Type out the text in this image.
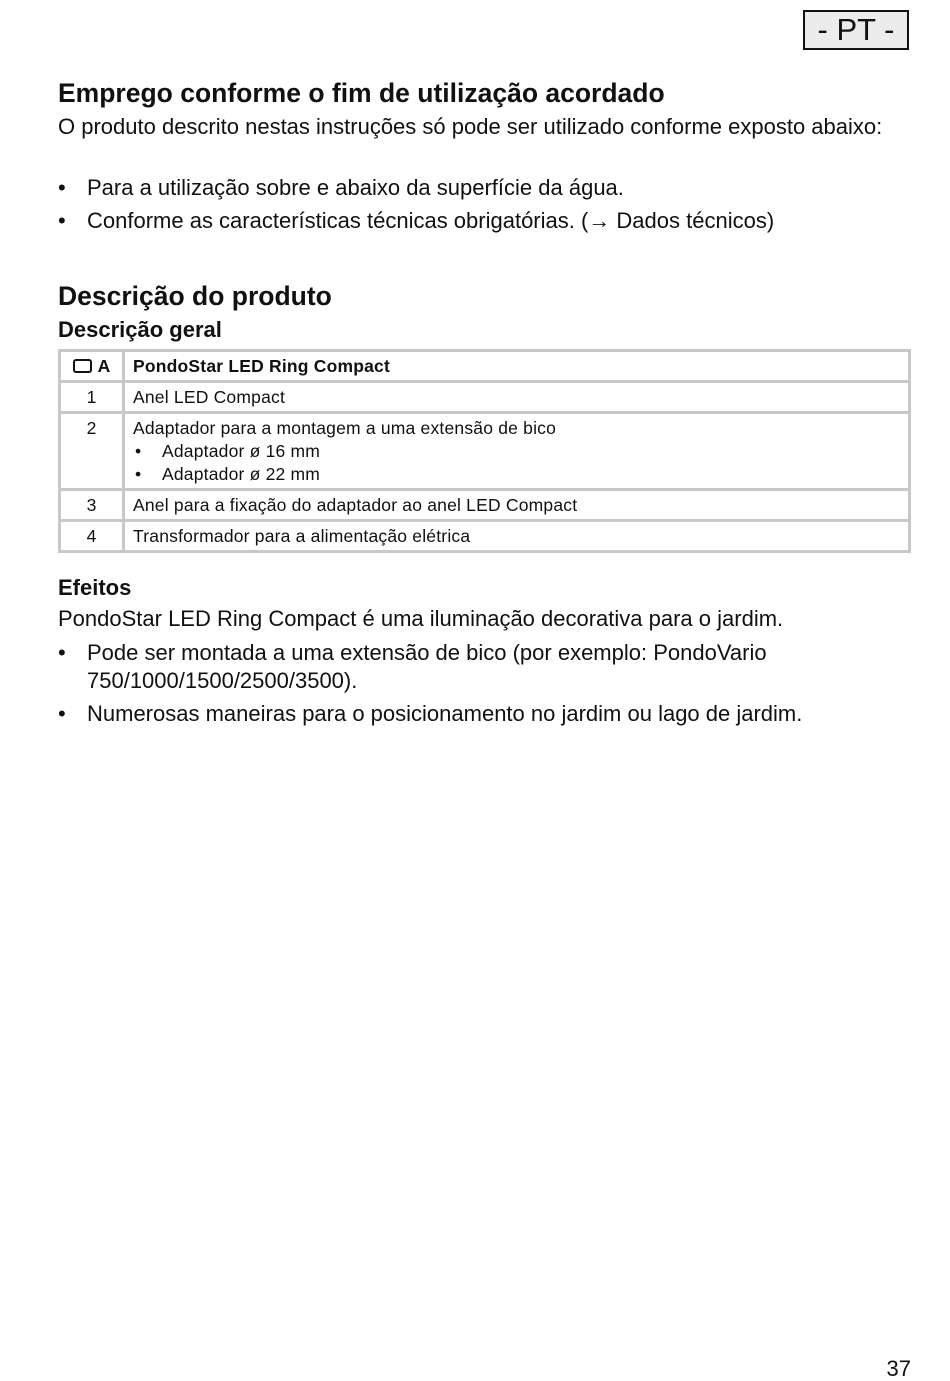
- PT -
Emprego conforme o fim de utilização acordado

O produto descrito nestas instruções só pode ser utilizado conforme exposto abaixo:

• Para a utilização sobre e abaixo da superfície da água.
• Conforme as características técnicas obrigatórias. (→ Dados técnicos)
Descrição do produto
Descrição geral
A	PondoStar LED Ring Compact
1	Anel LED Compact
2	Adaptador para a montagem a uma extensão de bico
• Adaptador ø 16 mm
• Adaptador ø 22 mm

3	Anel para a fixação do adaptador ao anel LED Compact
4	Transformador para a alimentação elétrica
Efeitos

PondoStar LED Ring Compact é uma iluminação decorativa para o jardim.

• Pode ser montada a uma extensão de bico (por exemplo: PondoVario 750/1000/1500/2500/3500).
• Numerosas maneiras para o posicionamento no jardim ou lago de jardim.
37
